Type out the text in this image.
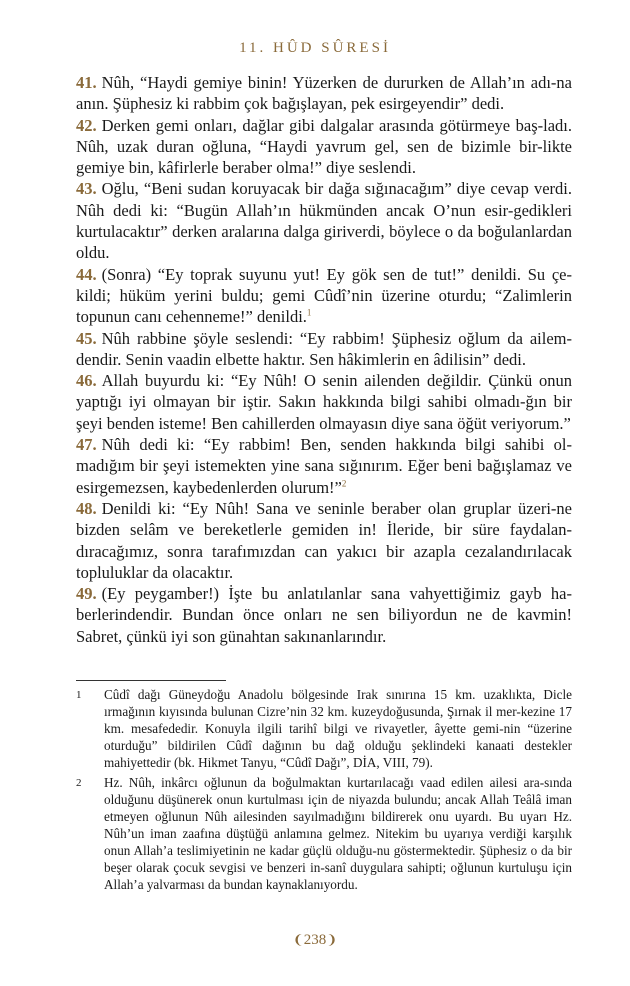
11. HÛD SÛRESİ

41. Nûh, “Haydi gemiye binin! Yüzerken de dururken de Allah’ın adı-na anın. Şüphesiz ki rabbim çok bağışlayan, pek esirgeyendir” dedi.

42. Derken gemi onları, dağlar gibi dalgalar arasında götürmeye baş-ladı. Nûh, uzak duran oğluna, “Haydi yavrum gel, sen de bizimle bir-likte gemiye bin, kâfirlerle beraber olma!” diye seslendi.

43. Oğlu, “Beni sudan koruyacak bir dağa sığınacağım” diye cevap verdi. Nûh dedi ki: “Bugün Allah’ın hükmünden ancak O’nun esir-gedikleri kurtulacaktır” derken aralarına dalga giriverdi, böylece o da boğulanlardan oldu.

44. (Sonra) “Ey toprak suyunu yut! Ey gök sen de tut!” denildi. Su çe-kildi; hüküm yerini buldu; gemi Cûdî’nin üzerine oturdu; “Zalimlerin topunun canı cehenneme!” denildi.$^1$

45. Nûh rabbine şöyle seslendi: “Ey rabbim! Şüphesiz oğlum da ailem-dendir. Senin vaadin elbette haktır. Sen hâkimlerin en âdilisin” dedi.

46. Allah buyurdu ki: “Ey Nûh! O senin ailenden değildir. Çünkü onun yaptığı iyi olmayan bir iştir. Sakın hakkında bilgi sahibi olmadı-ğın bir şeyi benden isteme! Ben cahillerden olmayasın diye sana öğüt veriyorum.”

47. Nûh dedi ki: “Ey rabbim! Ben, senden hakkında bilgi sahibi ol-madığım bir şeyi istemekten yine sana sığınırım. Eğer beni bağışlamaz ve esirgemezsen, kaybedenlerden olurum!”$^2$

48. Denildi ki: “Ey Nûh! Sana ve seninle beraber olan gruplar üzeri-ne bizden selâm ve bereketlerle gemiden in! İleride, bir süre faydalan-dıracağımız, sonra tarafımızdan can yakıcı bir azapla cezalandırılacak topluluklar da olacaktır.

49. (Ey peygamber!) İşte bu anlatılanlar sana vahyettiğimiz gayb ha-berlerindendir. Bundan önce onları ne sen biliyordun ne de kavmin! Sabret, çünkü iyi son günahtan sakınanlarındır.

1	Cûdî dağı Güneydoğu Anadolu bölgesinde Irak sınırına 15 km. uzaklıkta, Dicle ırmağının kıyısında bulunan Cizre’nin 32 km. kuzeydoğusunda, Şırnak il mer-kezine 17 km. mesafededir. Konuyla ilgili tarihî bilgi ve rivayetler, âyette gemi-nin “üzerine oturduğu” bildirilen Cûdî dağının bu dağ olduğu şeklindeki kanaati destekler mahiyettedir (bk. Hikmet Tanyu, “Cûdî Dağı”, DİA, VIII, 79).
2	Hz. Nûh, inkârcı oğlunun da boğulmaktan kurtarılacağı vaad edilen ailesi ara-sında olduğunu düşünerek onun kurtulması için de niyazda bulundu; ancak Allah Teâlâ iman etmeyen oğlunun Nûh ailesinden sayılmadığını bildirerek onu uyardı. Bu uyarı Hz. Nûh’un iman zaafına düştüğü anlamına gelmez. Nitekim bu uyarıya verdiği karşılık onun Allah’a teslimiyetinin ne kadar güçlü olduğu-nu göstermektedir. Şüphesiz o da bir beşer olarak çocuk sevgisi ve benzeri in-sanî duygulara sahipti; oğlunun kurtuluşu için Allah’a yalvarması da bundan kaynaklanıyordu.
❨238❩
